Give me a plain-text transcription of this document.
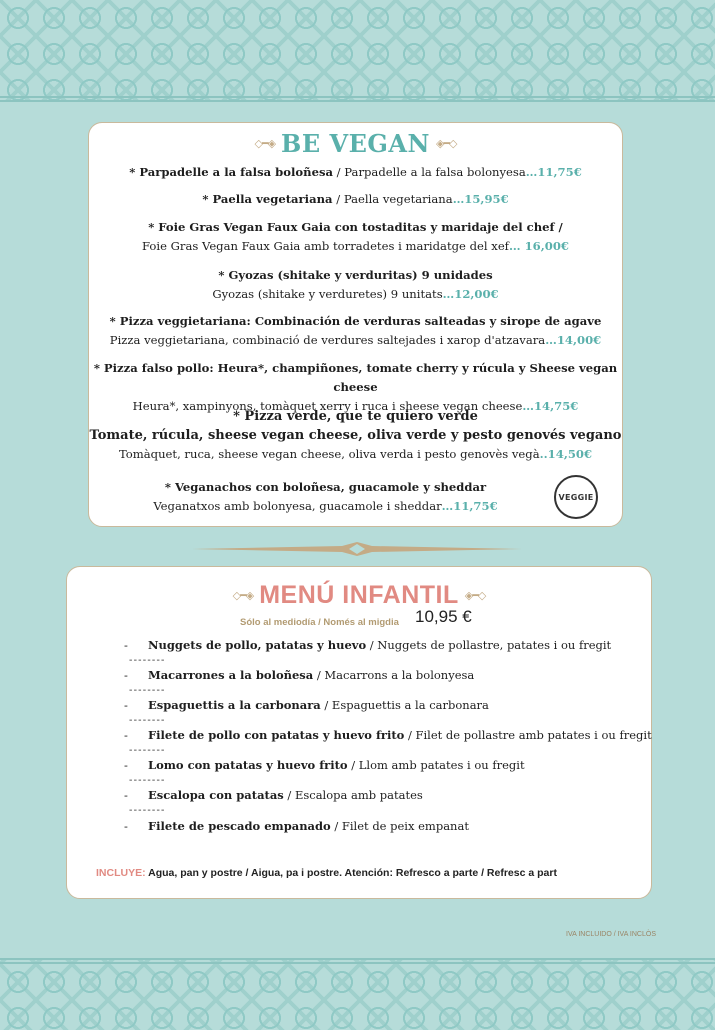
◇━◈ BE VEGAN ◈━◇
* Parpadelle a la falsa boloñesa / Parpadelle a la falsa bolonyesa…11,75€
* Paella vegetariana / Paella vegetariana…15,95€
* Foie Gras Vegan Faux Gaia con tostaditas y maridaje del chef /
Foie Gras Vegan Faux Gaia amb torradetes i maridatge del xef… 16,00€
* Gyozas (shitake y verduritas) 9 unidades
Gyozas (shitake y verduretes) 9 unitats…12,00€
* Pizza veggietariana: Combinación de verduras salteadas y sirope de agave
Pizza veggietariana, combinació de verdures saltejades i xarop d'atzavara…14,00€
* Pizza falso pollo: Heura*, champiñones, tomate cherry y rúcula y Sheese vegan cheese
Heura*, xampinyons, tomàquet xerry i ruca i sheese vegan cheese…14,75€
* Pizza verde, que te quiero verde
Tomate, rúcula, sheese vegan cheese, oliva verde y pesto genovés vegano
Tomàquet, ruca, sheese vegan cheese, oliva verda i pesto genovès vegà..14,50€
* Veganachos con boloñesa, guacamole y sheddar
Veganatxos amb bolonyesa, guacamole i sheddar…11,75€
VEGGIE
◇━◈ MENÚ INFANTIL ◈━◇
Sólo al mediodía / Només al migdia 10,95 €
- Nuggets de pollo, patatas y huevo / Nuggets de pollastre, patates i ou fregit
--------
- Macarrones a la boloñesa / Macarrons a la bolonyesa
--------
- Espaguettis a la carbonara / Espaguettis a la carbonara
--------
- Filete de pollo con patatas y huevo frito / Filet de pollastre amb patates i ou fregit
--------
- Lomo con patatas y huevo frito / Llom amb patates i ou fregit
--------
- Escalopa con patatas / Escalopa amb patates
--------
- Filete de pescado empanado / Filet de peix empanat
INCLUYE: Agua, pan y postre / Aigua, pa i postre. Atención: Refresco a parte / Refresc a part
IVA INCLUIDO / IVA INCLÒS
